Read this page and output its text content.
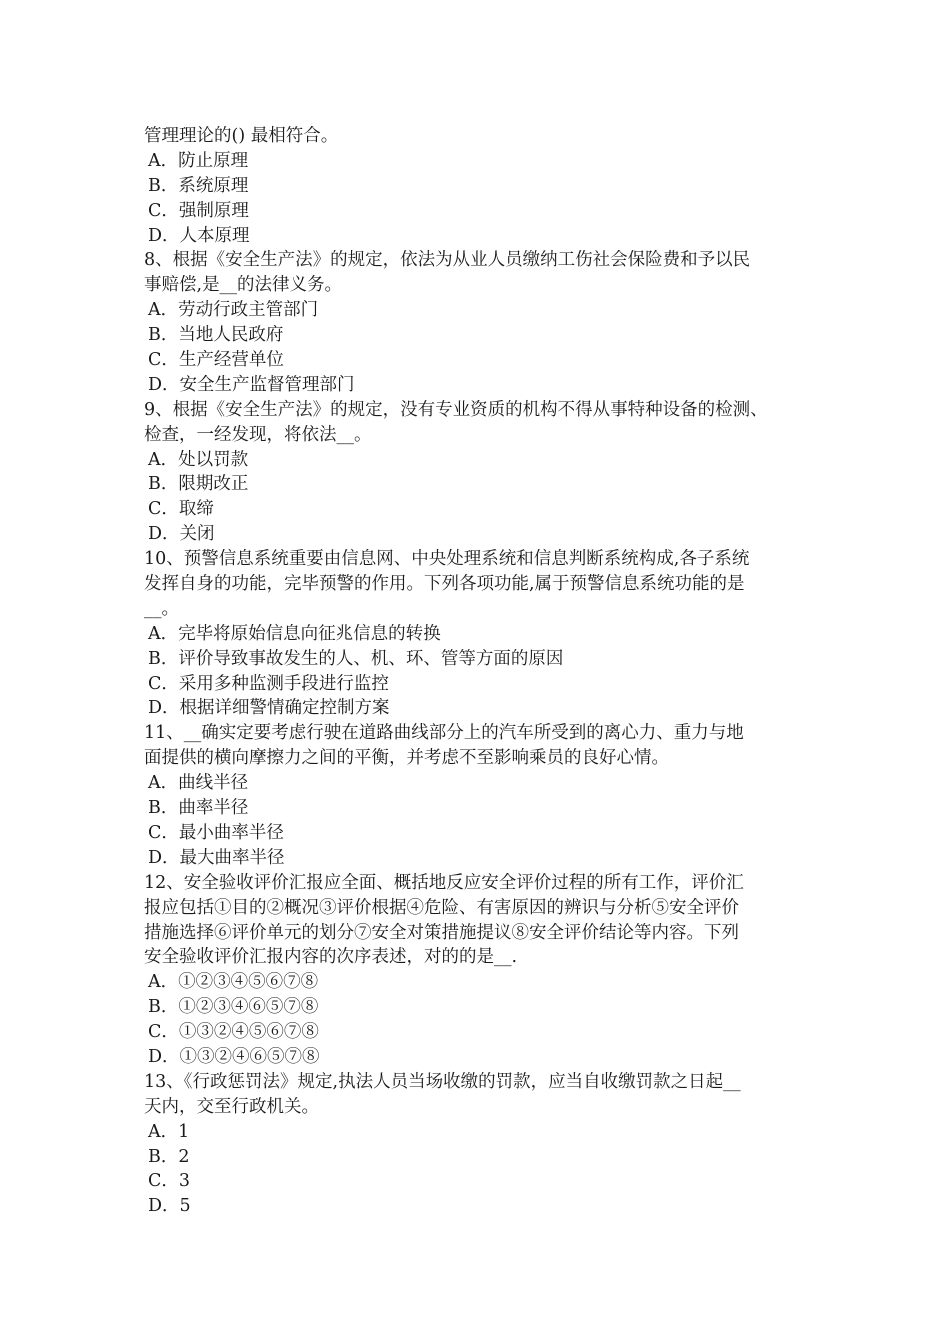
管理理论的() 最相符合。
A．防止原理
B．系统原理
C．强制原理
D．人本原理
8、根据《安全生产法》的规定，依法为从业人员缴纳工伤社会保险费和予以民
事赔偿,是__的法律义务。
A．劳动行政主管部门
B．当地人民政府
C．生产经营单位
D．安全生产监督管理部门
9、根据《安全生产法》的规定，没有专业资质的机构不得从事特种设备的检测、
检查，一经发现，将依法__。
A．处以罚款
B．限期改正
C．取缔
D．关闭
10、预警信息系统重要由信息网、中央处理系统和信息判断系统构成,各子系统
发挥自身的功能，完毕预警的作用。下列各项功能,属于预警信息系统功能的是
__。
A．完毕将原始信息向征兆信息的转换
B．评价导致事故发生的人、机、环、管等方面的原因
C．采用多种监测手段进行监控
D．根据详细警情确定控制方案
11、__确实定要考虑行驶在道路曲线部分上的汽车所受到的离心力、重力与地
面提供的横向摩擦力之间的平衡，并考虑不至影响乘员的良好心情。
A．曲线半径
B．曲率半径
C．最小曲率半径
D．最大曲率半径
12、安全验收评价汇报应全面、概括地反应安全评价过程的所有工作，评价汇
报应包括①目的②概况③评价根据④危险、有害原因的辨识与分析⑤安全评价
措施选择⑥评价单元的划分⑦安全对策措施提议⑧安全评价结论等内容。下列
安全验收评价汇报内容的次序表述，对的的是__.
A．①②③④⑤⑥⑦⑧
B．①②③④⑥⑤⑦⑧
C．①③②④⑤⑥⑦⑧
D．①③②④⑥⑤⑦⑧
13、《行政惩罚法》规定,执法人员当场收缴的罚款，应当自收缴罚款之日起__
天内，交至行政机关。
A．1
B．2
C．3
D．5
